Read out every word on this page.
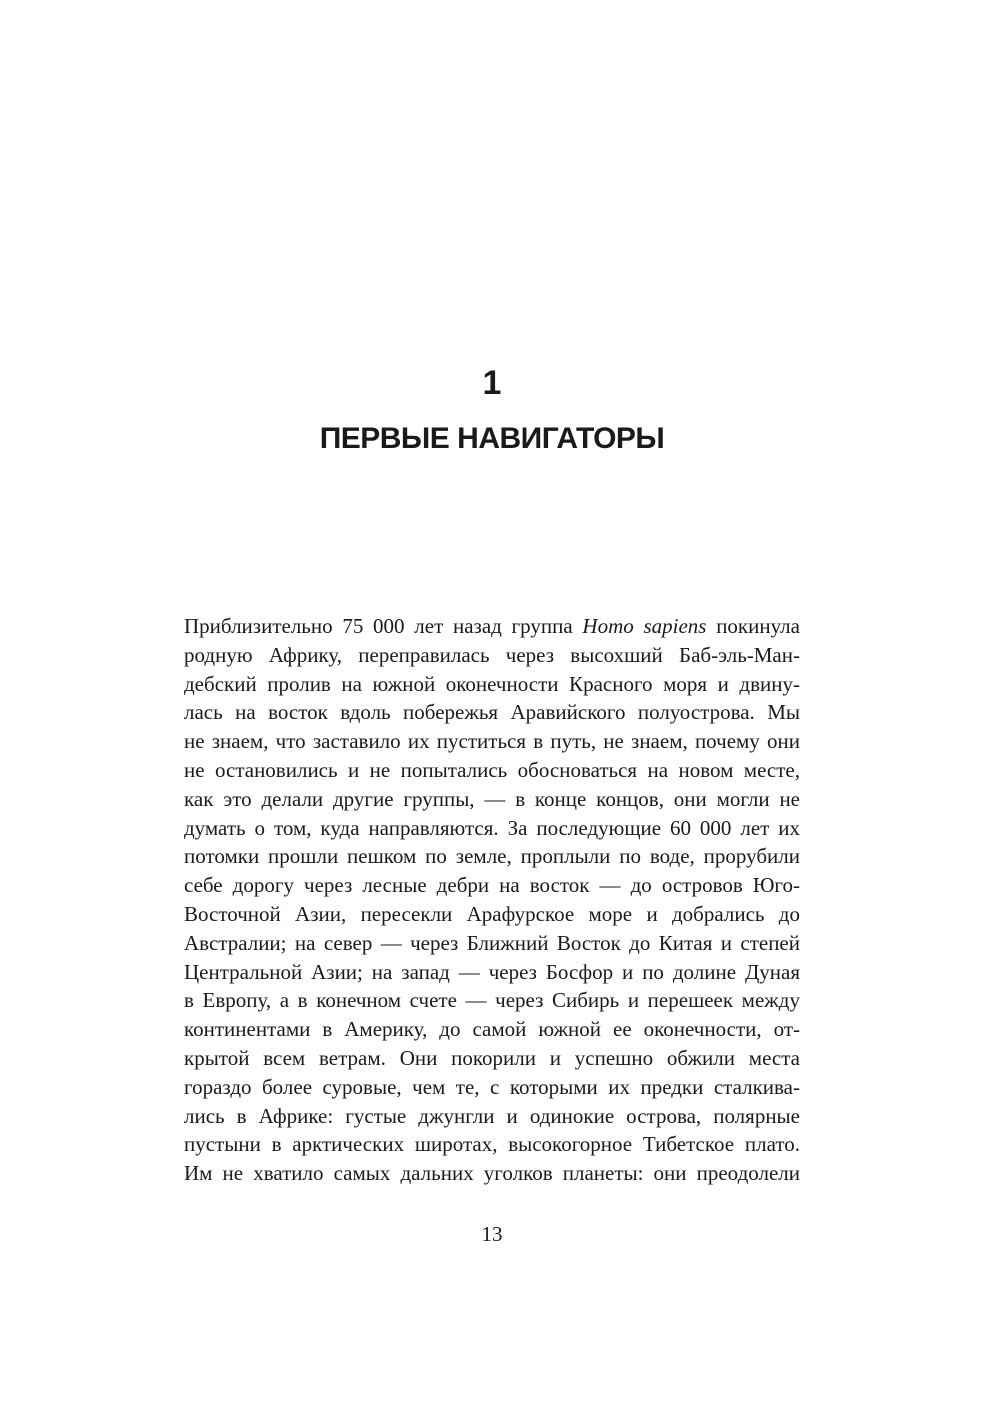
1
ПЕРВЫЕ НАВИГАТОРЫ
Приблизительно 75 000 лет назад группа Homo sapiens покинула
родную Африку, переправилась через высохший Баб-эль-Ман-
дебский пролив на южной оконечности Красного моря и двину-
лась на восток вдоль побережья Аравийского полуострова. Мы
не знаем, что заставило их пуститься в путь, не знаем, почему они
не остановились и не попытались обосноваться на новом месте,
как это делали другие группы, — в конце концов, они могли не
думать о том, куда направляются. За последующие 60 000 лет их
потомки прошли пешком по земле, проплыли по воде, прорубили
себе дорогу через лесные дебри на восток — до островов Юго-
Восточной Азии, пересекли Арафурское море и добрались до
Австралии; на север — через Ближний Восток до Китая и степей
Центральной Азии; на запад — через Босфор и по долине Дуная
в Европу, а в конечном счете — через Сибирь и перешеек между
континентами в Америку, до самой южной ее оконечности, от-
крытой всем ветрам. Они покорили и успешно обжили места
гораздо более суровые, чем те, с которыми их предки сталкива-
лись в Африке: густые джунгли и одинокие острова, полярные
пустыни в арктических широтах, высокогорное Тибетское плато.
Им не хватило самых дальних уголков планеты: они преодолели
13
